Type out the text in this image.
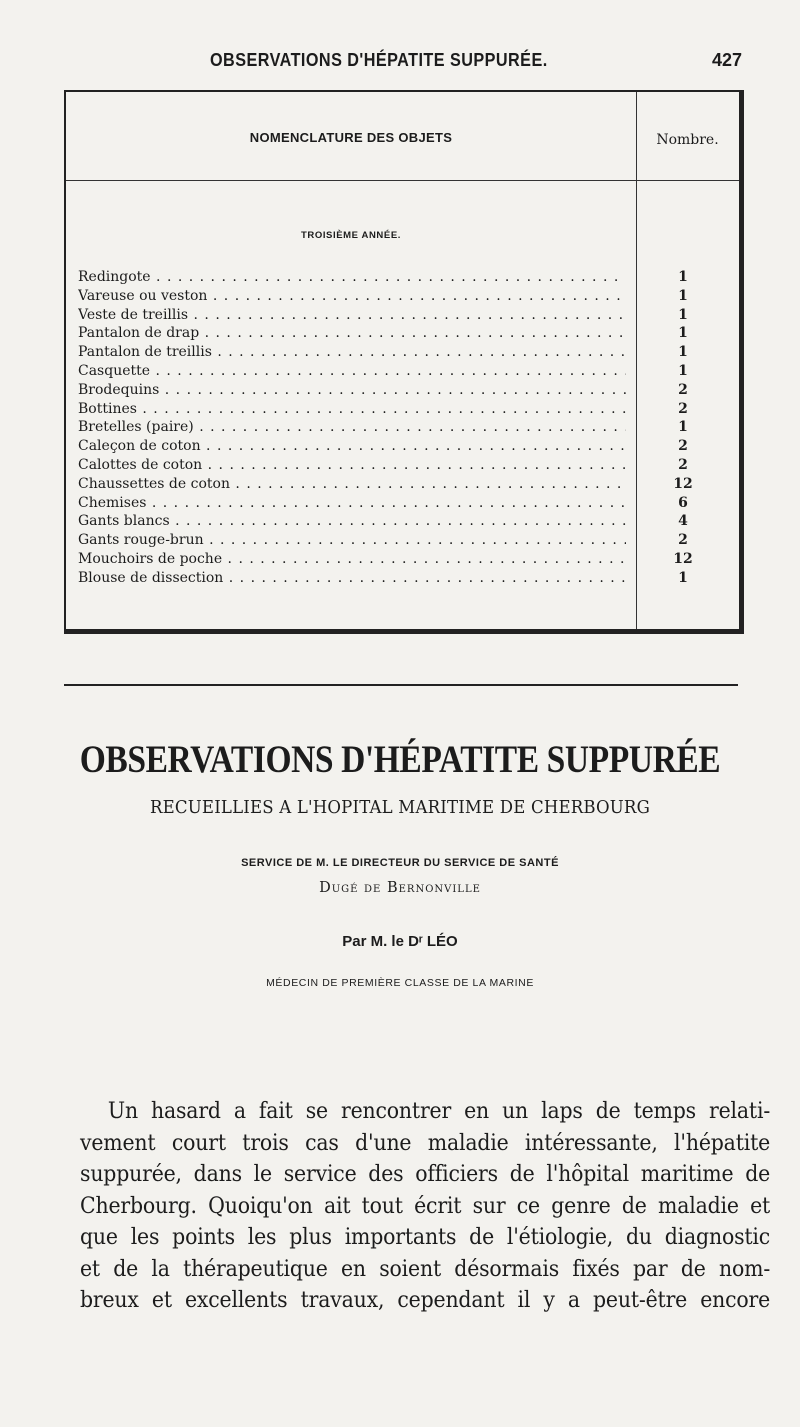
OBSERVATIONS D'HÉPATITE SUPPURÉE.	427
NOMENCLATURE DES OBJETS	Nombre.
TROISIÈME ANNÉE.
Redingote . . .	1
Vareuse ou veston . . .	1
Veste de treillis . . .	1
Pantalon de drap . . .	1
Pantalon de treillis . . .	1
Casquette . . .	1
Brodequins . . .	2
Bottines . . .	2
Bretelles (paire) . . .	1
Caleçon de coton . . .	2
Calottes de coton . . .	2
Chaussettes de coton . . .	12
Chemises . . .	6
Gants blancs . . .	4
Gants rouge-brun . . .	2
Mouchoirs de poche . . .	12
Blouse de dissection . . .	1
OBSERVATIONS D'HÉPATITE SUPPURÉE
RECUEILLIES A L'HOPITAL MARITIME DE CHERBOURG
SERVICE DE M. LE DIRECTEUR DU SERVICE DE SANTÉ
Dugé de Bernonville
Par M. le Dʳ LÉO
MÉDECIN DE PREMIÈRE CLASSE DE LA MARINE
Un hasard a fait se rencontrer en un laps de temps relati-
vement court trois cas d'une maladie intéressante, l'hépatite
suppurée, dans le service des officiers de l'hôpital maritime de
Cherbourg. Quoiqu'on ait tout écrit sur ce genre de maladie et
que les points les plus importants de l'étiologie, du diagnostic
et de la thérapeutique en soient désormais fixés par de nom-
breux et excellents travaux, cependant il y a peut-être encore
